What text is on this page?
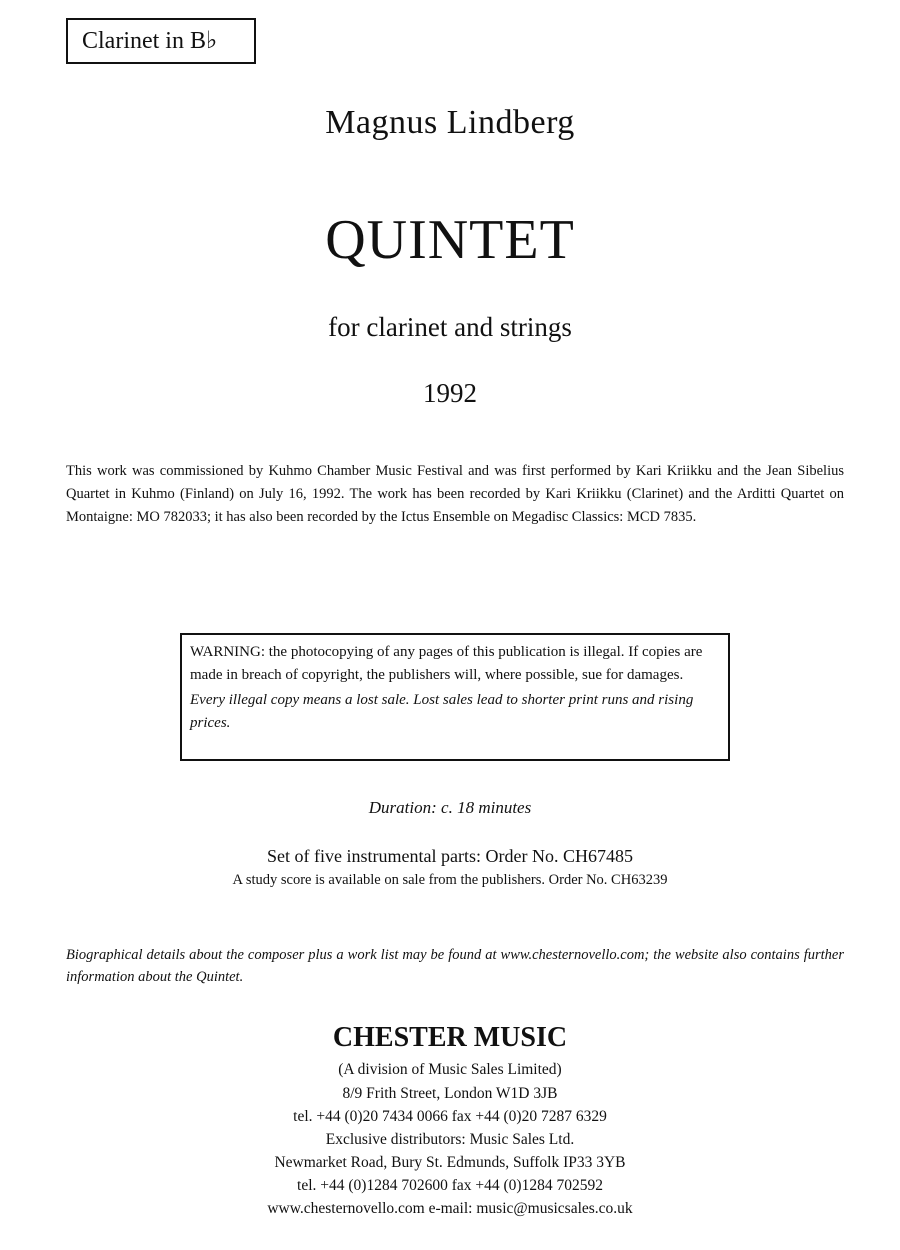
Clarinet in B♭
Magnus Lindberg
QUINTET
for clarinet and strings
1992
This work was commissioned by Kuhmo Chamber Music Festival and was first performed by Kari Kriikku and the Jean Sibelius Quartet in Kuhmo (Finland) on July 16, 1992. The work has been recorded by Kari Kriikku (Clarinet) and the Arditti Quartet on Montaigne: MO 782033; it has also been recorded by the Ictus Ensemble on Megadisc Classics: MCD 7835.

WARNING: the photocopying of any pages of this publication is illegal. If copies are made in breach of copyright, the publishers will, where possible, sue for damages.

Every illegal copy means a lost sale. Lost sales lead to shorter print runs and rising prices.

Duration: c. 18 minutes
Set of five instrumental parts: Order No. CH67485
A study score is available on sale from the publishers. Order No. CH63239
Biographical details about the composer plus a work list may be found at www.chesternovello.com; the website also contains further information about the Quintet.
CHESTER MUSIC
(A division of Music Sales Limited)
8/9 Frith Street, London W1D 3JB
tel. +44 (0)20 7434 0066 fax +44 (0)20 7287 6329
Exclusive distributors: Music Sales Ltd.
Newmarket Road, Bury St. Edmunds, Suffolk IP33 3YB
tel. +44 (0)1284 702600 fax +44 (0)1284 702592
www.chesternovello.com e-mail: music@musicsales.co.uk
